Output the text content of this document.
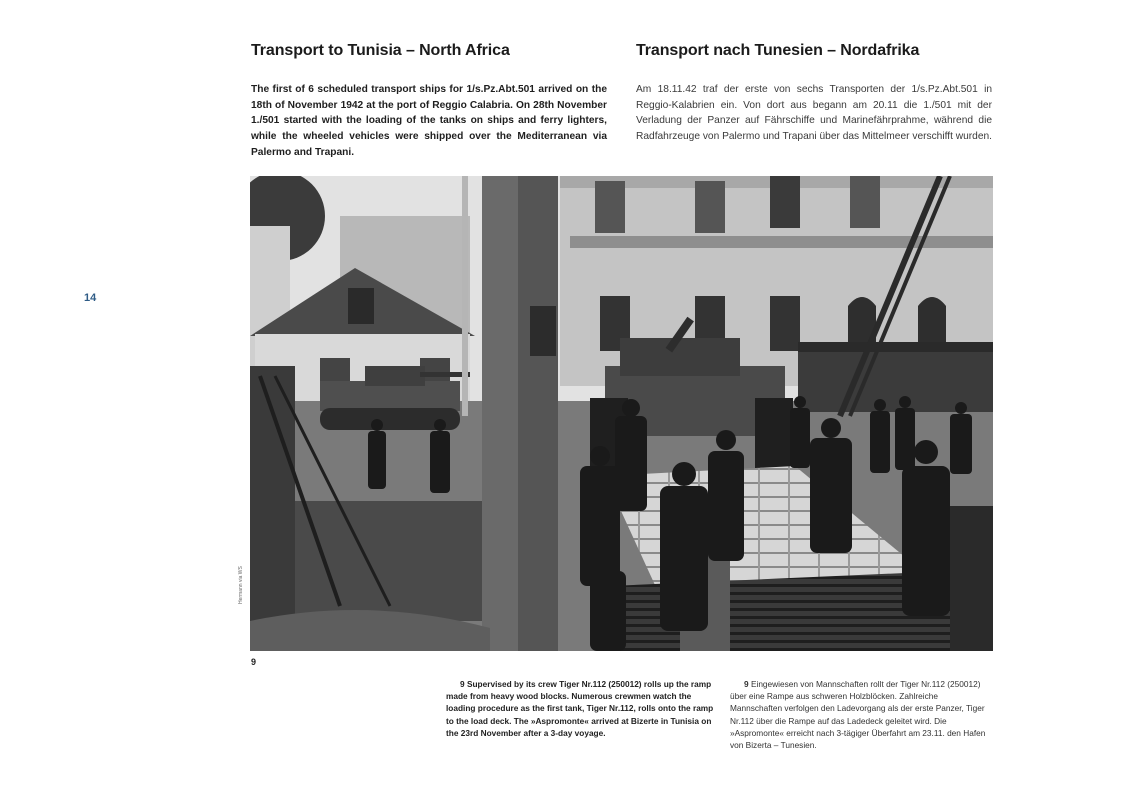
14
Transport to Tunisia – North Africa	Transport nach Tunesien – Nordafrika

The first of 6 scheduled transport ships for 1/s.Pz.Abt.501 arrived on the 18th of November 1942 at the port of Reggio Calabria. On 28th November 1./501 started with the loading of the tanks on ships and ferry lighters, while the wheeled vehicles were shipped over the Mediterranean via Palermo and Trapani.

Am 18.11.42 traf der erste von sechs Transporten der 1/s.Pz.Abt.501 in Reggio-Kalabrien ein. Von dort aus begann am 20.11 die 1./501 mit der Verladung der Panzer auf Fährschiffe und Marinefährprahme, während die Radfahrzeuge von Palermo und Trapani über das Mittelmeer verschifft wurden.

Hermann via WS
9

9 Supervised by its crew Tiger Nr.112 (250012) rolls up the ramp made from heavy wood blocks. Numerous crewmen watch the loading procedure as the first tank, Tiger Nr.112, rolls onto the ramp to the load deck. The »Aspromonte« arrived at Bizerte in Tunisia on the 23rd November after a 3-day voyage.

9 Eingewiesen von Mannschaften rollt der Tiger Nr.112 (250012) über eine Rampe aus schweren Holzblöcken. Zahlreiche Mannschaften verfolgen den Ladevorgang als der erste Panzer, Tiger Nr.112 über die Rampe auf das Ladedeck geleitet wird. Die »Aspromonte« erreicht nach 3-tägiger Überfahrt am 23.11. den Hafen von Bizerta – Tunesien.
